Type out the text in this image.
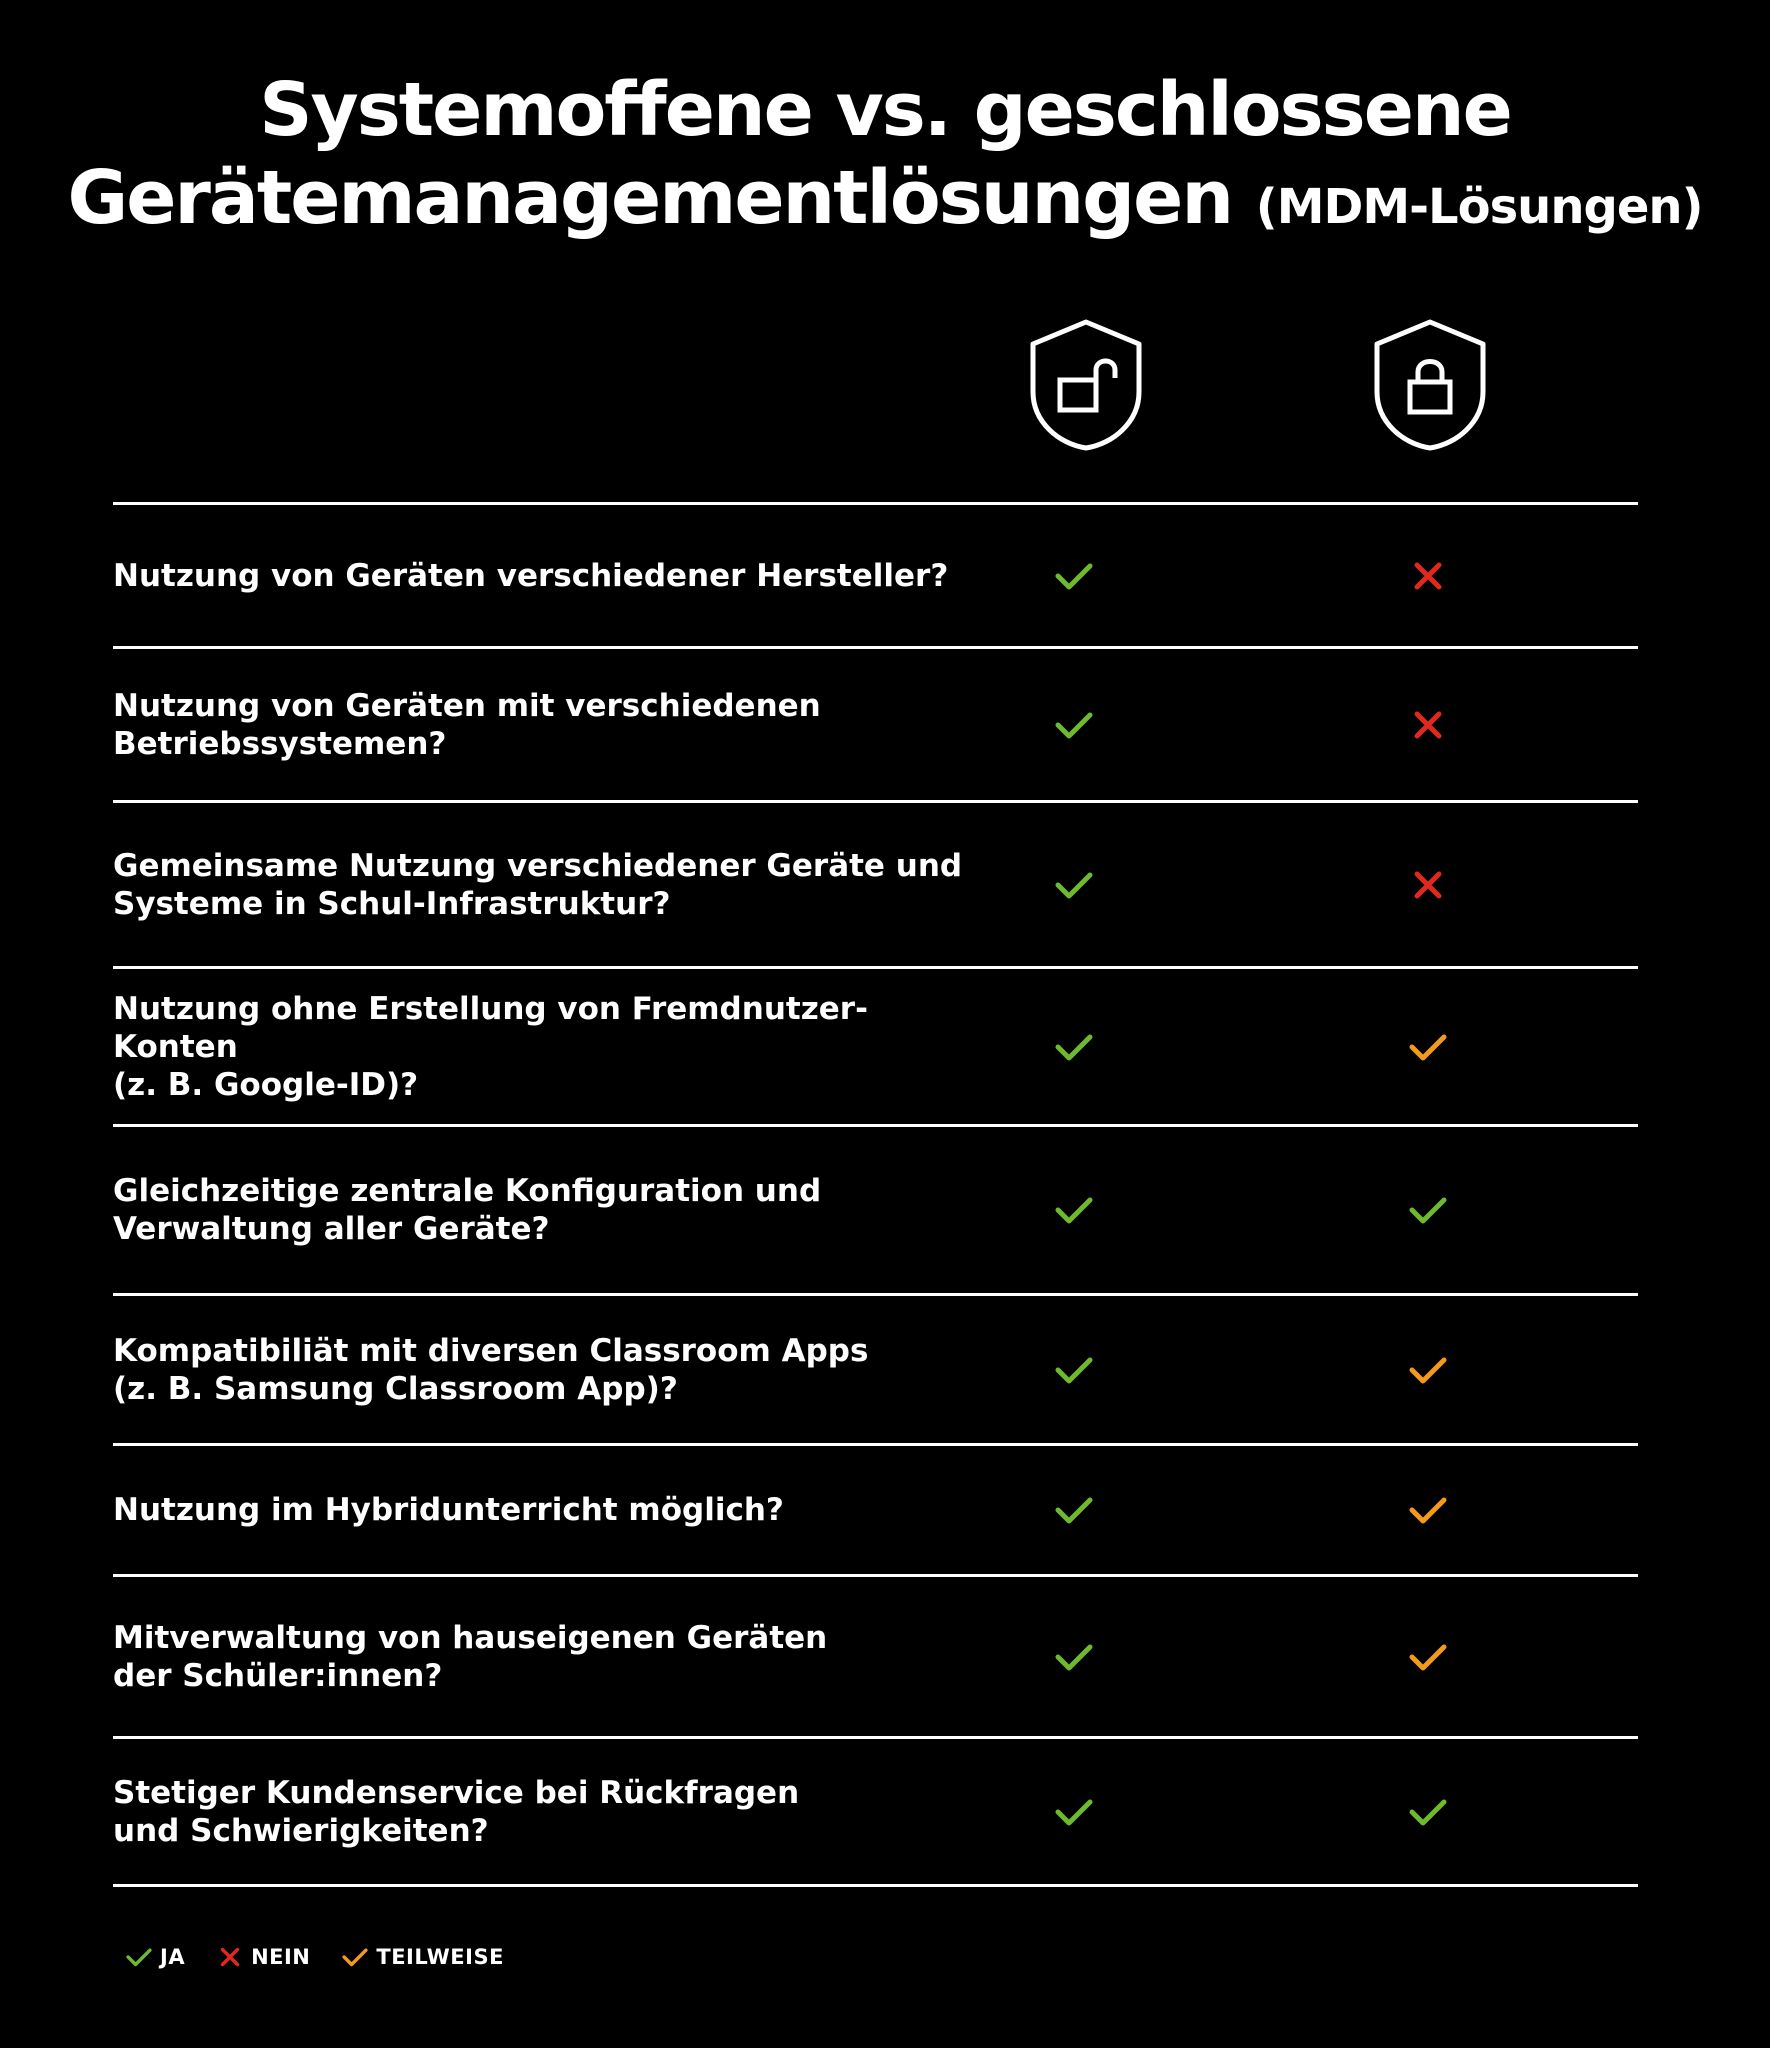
Systemoffene vs. geschlossene
Gerätemanagementlösungen (MDM-Lösungen)
Nutzung von Geräten verschiedener Hersteller?
Nutzung von Geräten mit verschiedenen
Betriebssystemen?
Gemeinsame Nutzung verschiedener Geräte und
Systeme in Schul-Infrastruktur?
Nutzung ohne Erstellung von Fremdnutzer-Konten
(z. B. Google-ID)?
Gleichzeitige zentrale Konfiguration und
Verwaltung aller Geräte?
Kompatibiliät mit diversen Classroom Apps
(z. B. Samsung Classroom App)?
Nutzung im Hybridunterricht möglich?
Mitverwaltung von hauseigenen Geräten
der Schüler:innen?
Stetiger Kundenservice bei Rückfragen
und Schwierigkeiten?
JA	NEIN	TEILWEISE
